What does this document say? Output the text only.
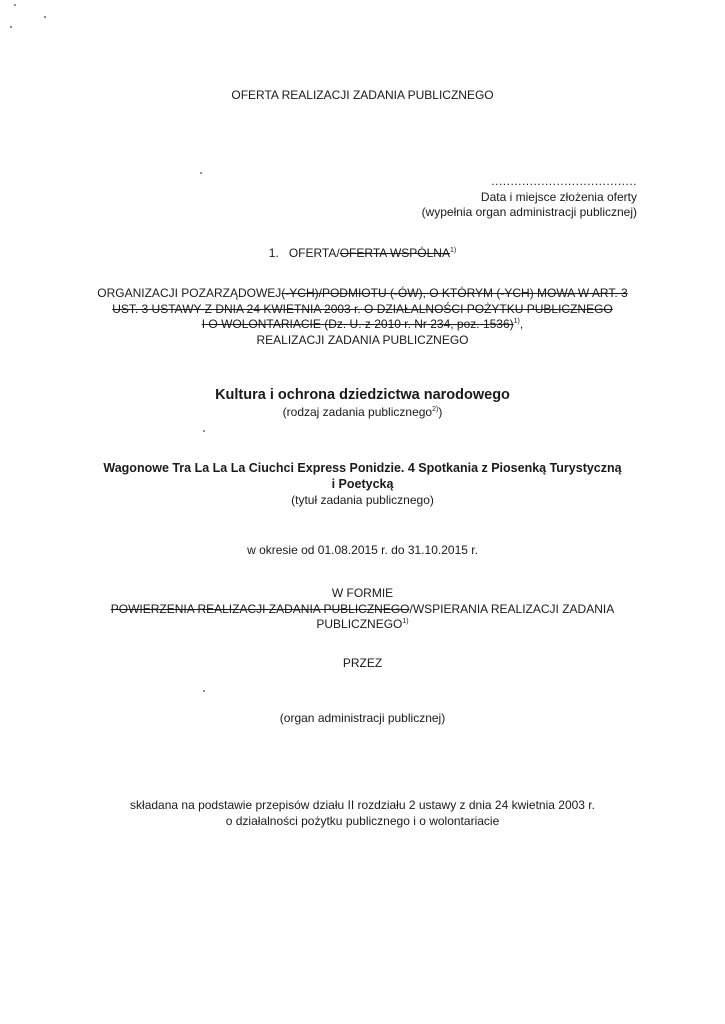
OFERTA REALIZACJI ZADANIA PUBLICZNEGO
......................................
Data i miejsce złożenia oferty
(wypełnia organ administracji publicznej)
1. OFERTA/OFERTA WSPÓLNA$^{1)}$
ORGANIZACJI POZARZĄDOWEJ(-YCH)/PODMIOTU (-ÓW), O KTÓRYM (-YCH) MOWA W ART. 3
UST. 3 USTAWY Z DNIA 24 KWIETNIA 2003 r. O DZIAŁALNOŚCI POŻYTKU PUBLICZNEGO
I O WOLONTARIACIE (Dz. U. z 2010 r. Nr 234, poz. 1536)$^{1)}$,
REALIZACJI ZADANIA PUBLICZNEGO
Kultura i ochrona dziedzictwa narodowego
(rodzaj zadania publicznego$^{2)}$)
Wagonowe Tra La La La Ciuchci Express Ponidzie. 4 Spotkania z Piosenką Turystyczną
i Poetycką
(tytuł zadania publicznego)
w okresie od 01.08.2015 r. do 31.10.2015 r.
W FORMIE
POWIERZENIA REALIZACJI ZADANIA PUBLICZNEGO/WSPIERANIA REALIZACJI ZADANIA
PUBLICZNEGO$^{1)}$
PRZEZ
(organ administracji publicznej)
składana na podstawie przepisów działu II rozdziału 2 ustawy z dnia 24 kwietnia 2003 r.
o działalności pożytku publicznego i o wolontariacie
